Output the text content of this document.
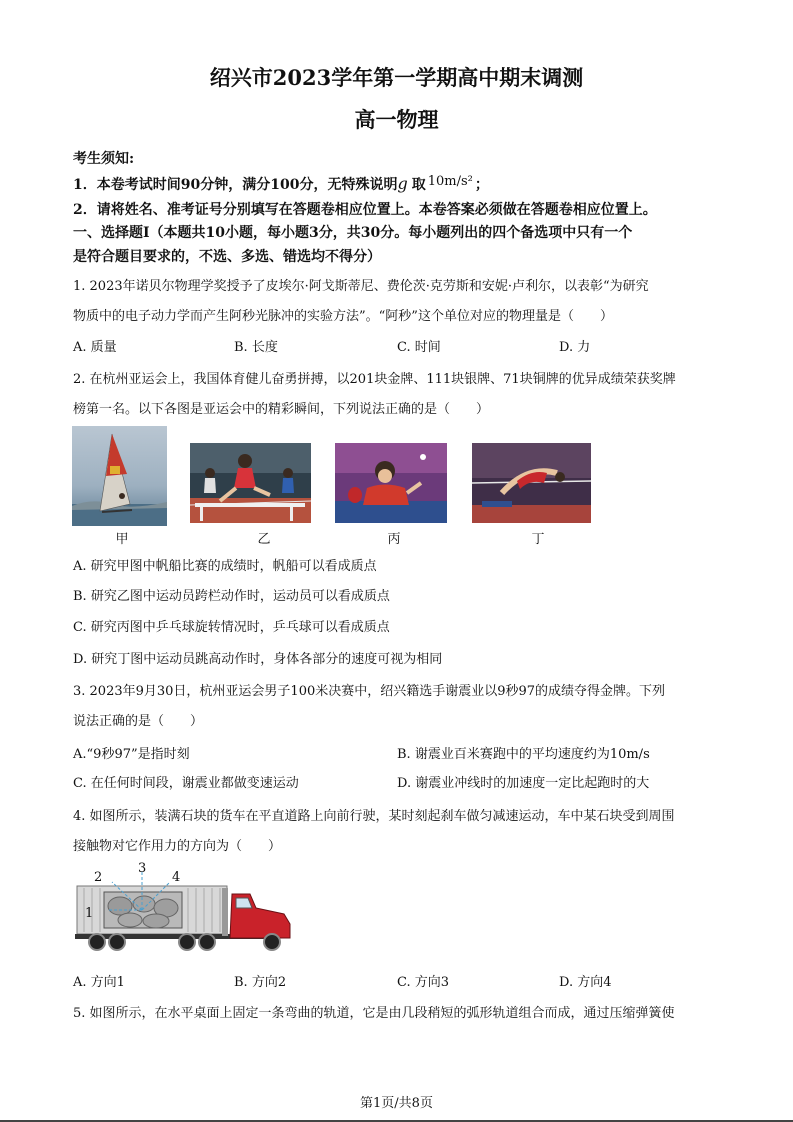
绍兴市2023学年第一学期高中期末调测
高一物理
考生须知:
1．本卷考试时间90分钟，满分100分，无特殊说明g 取 10m/s² ；
2．请将姓名、准考证号分别填写在答题卷相应位置上。本卷答案必须做在答题卷相应位置上。
一、选择题Ⅰ（本题共10小题，每小题3分，共30分。每小题列出的四个备选项中只有一个
是符合题目要求的，不选、多选、错选均不得分）
1. 2023年诺贝尔物理学奖授予了皮埃尔·阿戈斯蒂尼、费伦茨·克劳斯和安妮·卢利尔，以表彰“为研究
物质中的电子动力学而产生阿秒光脉冲的实验方法”。“阿秒”这个单位对应的物理量是（　　）
A. 质量	B. 长度	C. 时间	D. 力
2. 在杭州亚运会上，我国体育健儿奋勇拼搏，以201块金牌、111块银牌、71块铜牌的优异成绩荣获奖牌
榜第一名。以下各图是亚运会中的精彩瞬间，下列说法正确的是（　　）
甲	乙	丙	丁
A. 研究甲图中帆船比赛的成绩时，帆船可以看成质点
B. 研究乙图中运动员跨栏动作时，运动员可以看成质点
C. 研究丙图中乒乓球旋转情况时，乒乓球可以看成质点
D. 研究丁图中运动员跳高动作时，身体各部分的速度可视为相同
3. 2023年9月30日，杭州亚运会男子100米决赛中，绍兴籍选手谢震业以9秒97的成绩夺得金牌。下列
说法正确的是（　　）
A.“9秒97”是指时刻	B. 谢震业百米赛跑中的平均速度约为10m/s
C. 在任何时间段，谢震业都做变速运动	D. 谢震业冲线时的加速度一定比起跑时的大
4. 如图所示，装满石块的货车在平直道路上向前行驶，某时刻起刹车做匀减速运动，车中某石块受到周围
接触物对它作用力的方向为（　　）
1
2
3
4
A. 方向1	B. 方向2	C. 方向3	D. 方向4
5. 如图所示，在水平桌面上固定一条弯曲的轨道，它是由几段稍短的弧形轨道组合而成，通过压缩弹簧使
第1页/共8页
